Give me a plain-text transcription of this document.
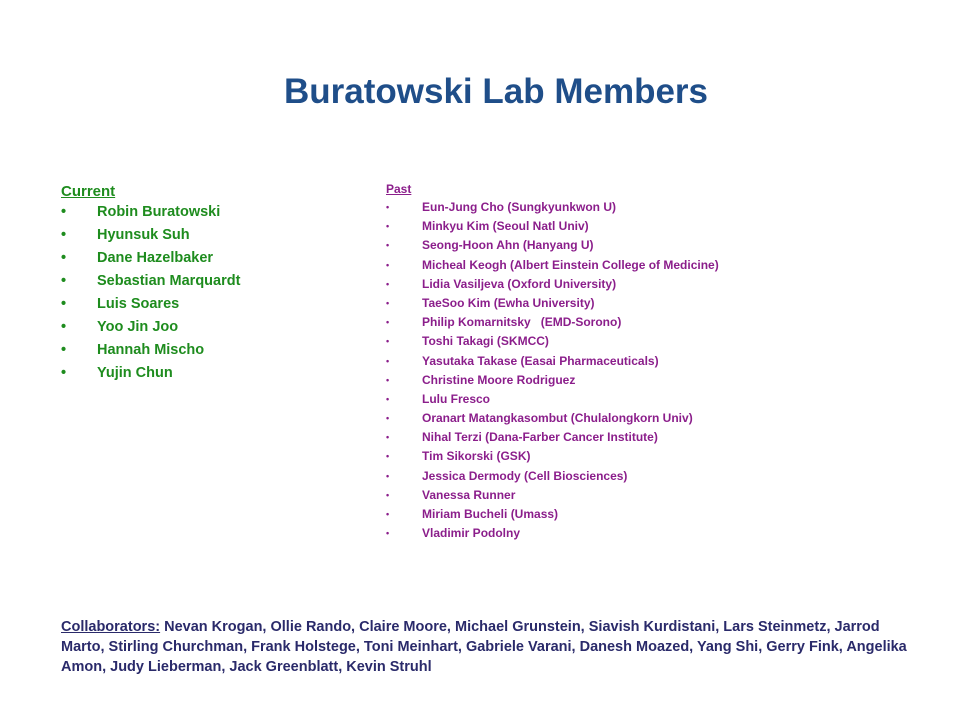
Buratowski Lab Members
Current
• Robin Buratowski
• Hyunsuk Suh
• Dane Hazelbaker
• Sebastian Marquardt
• Luis Soares
• Yoo Jin Joo
• Hannah Mischo
• Yujin Chun
Past
•	Eun-Jung Cho (Sungkyunkwon U)
•	Minkyu Kim (Seoul Natl Univ)
•	Seong-Hoon Ahn (Hanyang U)
•	Micheal Keogh (Albert Einstein College of Medicine)
•	Lidia Vasiljeva (Oxford University)
•	TaeSoo Kim (Ewha University)
•	Philip Komarnitsky   (EMD-Sorono)
•	Toshi Takagi (SKMCC)
•	Yasutaka Takase (Easai Pharmaceuticals)
•	Christine Moore Rodriguez
•	Lulu Fresco
•	Oranart Matangkasombut (Chulalongkorn Univ)
•	Nihal Terzi (Dana-Farber Cancer Institute)
•	Tim Sikorski (GSK)
•	Jessica Dermody (Cell Biosciences)
•	Vanessa Runner
•	Miriam Bucheli (Umass)
•	Vladimir Podolny
Collaborators: Nevan Krogan, Ollie Rando, Claire Moore, Michael Grunstein, Siavish Kurdistani, Lars Steinmetz, Jarrod Marto, Stirling Churchman, Frank Holstege, Toni Meinhart, Gabriele Varani, Danesh Moazed, Yang Shi, Gerry Fink, Angelika Amon, Judy Lieberman, Jack Greenblatt, Kevin Struhl
